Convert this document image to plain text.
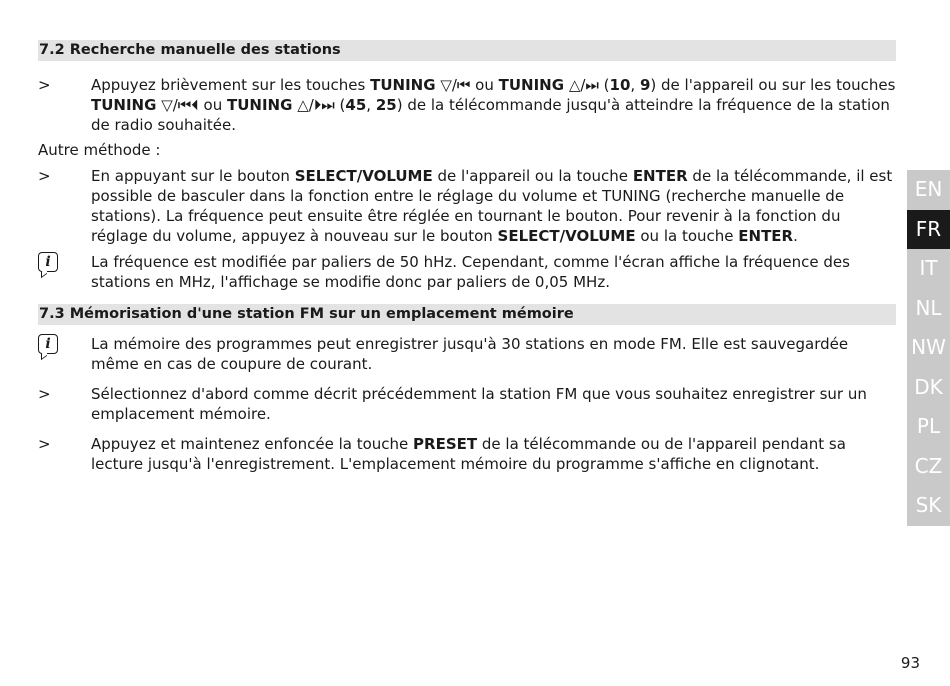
7.2 Recherche manuelle des stations
>	Appuyez brièvement sur les touches TUNING ▽/⏮ ou TUNING △/⏭ (10, 9) de l'appareil ou sur les touches TUNING ▽/⏮⏴ ou TUNING △/⏵⏭ (45, 25) de la télécommande jusqu'à atteindre la fréquence de la station de radio souhaitée.
Autre méthode :
>	En appuyant sur le bouton SELECT/VOLUME de l'appareil ou la touche ENTER de la télécommande, il est possible de basculer dans la fonction entre le réglage du volume et TUNING (recherche manuelle de stations). La fréquence peut ensuite être réglée en tournant le bouton. Pour revenir à la fonction du réglage du volume, appuyez à nouveau sur le bouton SELECT/VOLUME ou la touche ENTER.
i	La fréquence est modifiée par paliers de 50 hHz. Cependant, comme l'écran affiche la fréquence des stations en MHz, l'affichage se modifie donc par paliers de 0,05 MHz.
7.3 Mémorisation d'une station FM sur un emplacement mémoire
i	La mémoire des programmes peut enregistrer jusqu'à 30 stations en mode FM. Elle est sauvegardée même en cas de coupure de courant.
>	Sélectionnez d'abord comme décrit précédemment la station FM que vous souhaitez enregistrer sur un emplacement mémoire.
>	Appuyez et maintenez enfoncée la touche PRESET de la télécommande ou de l'appareil pendant sa lecture jusqu'à l'enregistrement. L'emplacement mémoire du programme s'affiche en clignotant.
EN
FR
IT
NL
NW
DK
PL
CZ
SK
93
